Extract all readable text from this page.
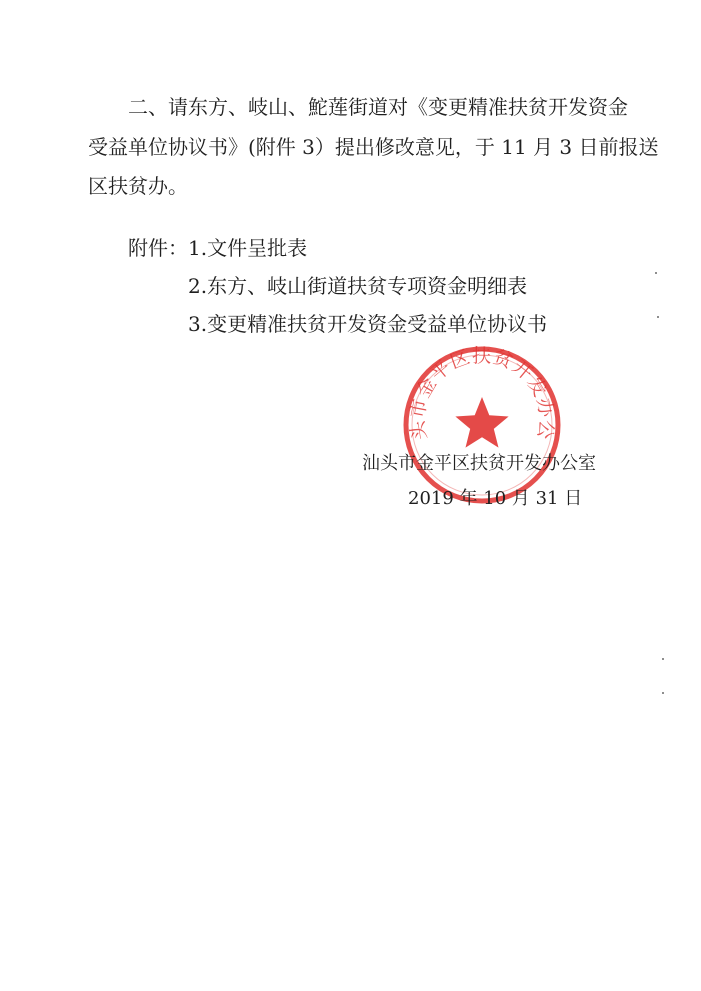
二、请东方、岐山、鮀莲街道对《变更精准扶贫开发资金
受益单位协议书》(附件 3）提出修改意见，于 11 月 3 日前报送
区扶贫办。
附件： 1.文件呈批表
2.东方、岐山街道扶贫专项资金明细表
3.变更精准扶贫开发资金受益单位协议书
头市金平区扶贫开发办公
汕头市金平区扶贫开发办公室
2019 年 10 月 31 日
